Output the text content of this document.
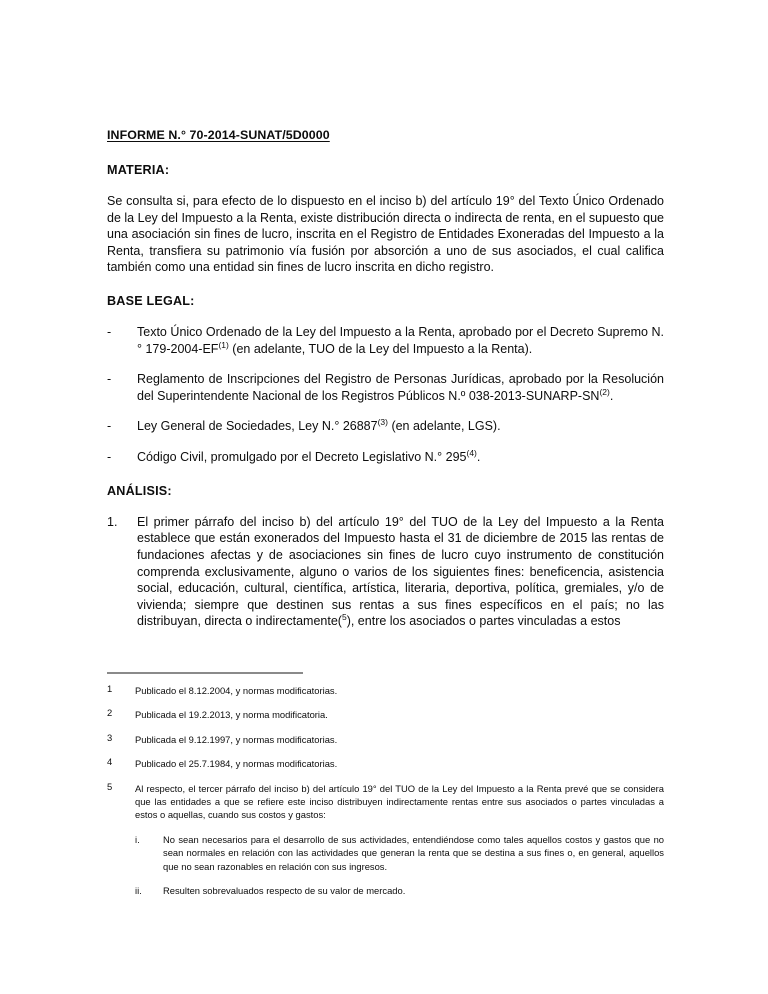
INFORME N.° 70-2014-SUNAT/5D0000
MATERIA:

Se consulta si, para efecto de lo dispuesto en el inciso b) del artículo 19° del Texto Único Ordenado de la Ley del Impuesto a la Renta, existe distribución directa o indirecta de renta, en el supuesto que una asociación sin fines de lucro, inscrita en el Registro de Entidades Exoneradas del Impuesto a la Renta, transfiera su patrimonio vía fusión por absorción a uno de sus asociados, el cual califica también como una entidad sin fines de lucro inscrita en dicho registro.

BASE LEGAL:
-	Texto Único Ordenado de la Ley del Impuesto a la Renta, aprobado por el Decreto Supremo N.° 179-2004-EF$^{(1)}$ (en adelante, TUO de la Ley del Impuesto a la Renta).
-	Reglamento de Inscripciones del Registro de Personas Jurídicas, aprobado por la Resolución del Superintendente Nacional de los Registros Públicos N.º 038-2013-SUNARP-SN$^{(2)}$.
-	Ley General de Sociedades, Ley N.° 26887$^{(3)}$ (en adelante, LGS).
-	Código Civil, promulgado por el Decreto Legislativo N.° 295$^{(4)}$.
ANÁLISIS:
1.	El primer párrafo del inciso b) del artículo 19° del TUO de la Ley del Impuesto a la Renta establece que están exonerados del Impuesto hasta el 31 de diciembre de 2015 las rentas de fundaciones afectas y de asociaciones sin fines de lucro cuyo instrumento de constitución comprenda exclusivamente, alguno o varios de los siguientes fines: beneficencia, asistencia social, educación, cultural, científica, artística, literaria, deportiva, política, gremiales, y/o de vivienda; siempre que destinen sus rentas a sus fines específicos en el país; no las distribuyan, directa o indirectamente($^5$), entre los asociados o partes vinculadas a estos
$^1$	Publicado el 8.12.2004, y normas modificatorias.
$^2$	Publicada el 19.2.2013, y norma modificatoria.
$^3$	Publicada el 9.12.1997, y normas modificatorias.
$^4$	Publicado el 25.7.1984, y normas modificatorias.
$^5$	Al respecto, el tercer párrafo del inciso b) del artículo 19° del TUO de la Ley del Impuesto a la Renta prevé que se considera que las entidades a que se refiere este inciso distribuyen indirectamente rentas entre sus asociados o partes vinculadas a estos o aquellas, cuando sus costos y gastos:
i.	No sean necesarios para el desarrollo de sus actividades, entendiéndose como tales aquellos costos y gastos que no sean normales en relación con las actividades que generan la renta que se destina a sus fines o, en general, aquellos que no sean razonables en relación con sus ingresos.
ii.	Resulten sobrevaluados respecto de su valor de mercado.
